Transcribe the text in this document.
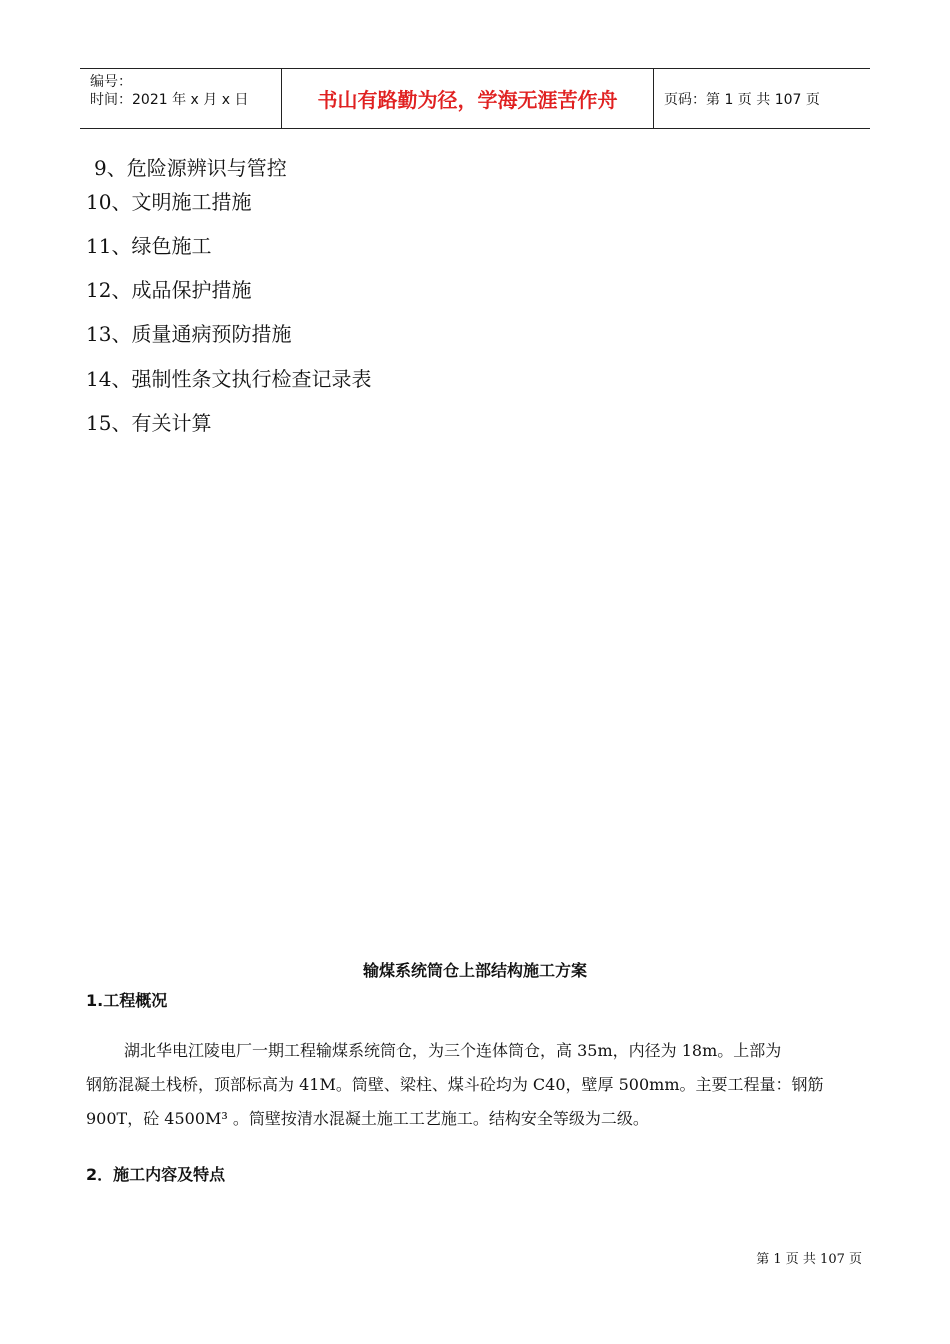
编号：
时间：2021 年 x 月 x 日	书山有路勤为径，学海无涯苦作舟	页码：第 1 页 共 107 页
9、危险源辨识与管控
10、文明施工措施
11、绿色施工
12、成品保护措施
13、质量通病预防措施
14、强制性条文执行检查记录表
15、有关计算
输煤系统筒仓上部结构施工方案
1.工程概况
湖北华电江陵电厂一期工程输煤系统筒仓，为三个连体筒仓，高 35m，内径为 18m。上部为
钢筋混凝土栈桥，顶部标高为 41M。筒壁、梁柱、煤斗砼均为 C40，壁厚 500mm。主要工程量：钢筋
900T，砼 4500M³ 。筒壁按清水混凝土施工工艺施工。结构安全等级为二级。
2．施工内容及特点
第 1 页 共 107 页
